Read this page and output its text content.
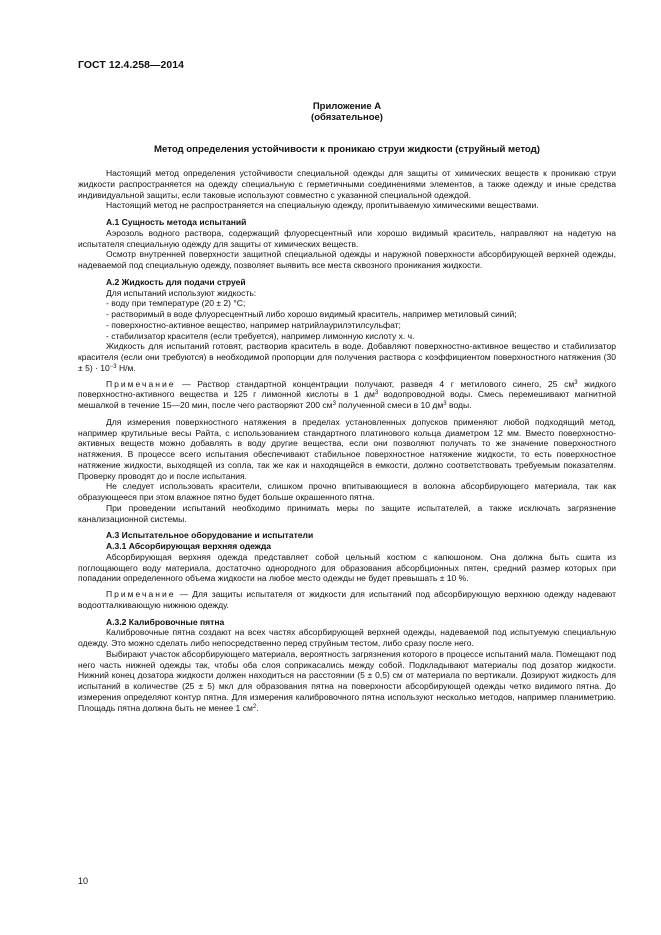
ГОСТ 12.4.258—2014
Приложение А
(обязательное)
Метод определения устойчивости к проникаю струи жидкости (струйный метод)

Настоящий метод определения устойчивости специальной одежды для защиты от химических веществ к проникаю струи жидкости распространяется на одежду специальную с герметичными соединениями элементов, а также одежду и иные средства индивидуальной защиты, если таковые используют совместно с указанной специальной одеждой.

Настоящий метод не распространяется на специальную одежду, пропитываемую химическими веществами.

А.1 Сущность метода испытаний

Аэрозоль водного раствора, содержащий флуоресцентный или хорошо видимый краситель, направляют на надетую на испытателя специальную одежду для защиты от химических веществ.

Осмотр внутренней поверхности защитной специальной одежды и наружной поверхности абсорбирующей верхней одежды, надеваемой под специальную одежду, позволяет выявить все места сквозного проникания жидкости.

А.2 Жидкость для подачи струей

Для испытаний используют жидкость:

- воду при температуре (20 ± 2) °С;

- растворимый в воде флуоресцентный либо хорошо видимый краситель, например метиловый синий;

- поверхностно-активное вещество, например натрийлаурилэтилсульфат;

- стабилизатор красителя (если требуется), например лимонную кислоту х. ч.

Жидкость для испытаний готовят, растворив краситель в воде. Добавляют поверхностно-активное вещество и стабилизатор красителя (если они требуются) в необходимой пропорции для получения раствора с коэффициентом поверхностного натяжения $(30 \pm 5) \cdot 10^{-3}$ Н/м.

Примечание — Раствор стандартной концентрации получают, разведя 4 г метилового синего, 25 $см^3$ жидкого поверхностно-активного вещества и 125 г лимонной кислоты в 1 $дм^3$ водопроводной воды. Смесь перемешивают магнитной мешалкой в течение 15—20 мин, после чего растворяют 200 $см^3$ полученной смеси в 10 $дм^3$ воды.

Для измерения поверхностного натяжения в пределах установленных допусков применяют любой подходящий метод, например крутильные весы Райта, с использованием стандартного платинового кольца диаметром 12 мм. Вместо поверхностно-активных веществ можно добавлять в воду другие вещества, если они позволяют получать то же значение поверхностного натяжения. В процессе всего испытания обеспечивают стабильное поверхностное натяжение жидкости, то есть поверхностное натяжение жидкости, выходящей из сопла, так же как и находящейся в емкости, должно соответствовать требуемым показателям. Проверку проводят до и после испытания.

Не следует использовать красители, слишком прочно впитывающиеся в волокна абсорбирующего материала, так как образующееся при этом влажное пятно будет больше окрашенного пятна.

При проведении испытаний необходимо принимать меры по защите испытателей, а также исключать загрязнение канализационной системы.

А.3 Испытательное оборудование и испытатели

А.3.1 Абсорбирующая верхняя одежда

Абсорбирующая верхняя одежда представляет собой цельный костюм с капюшоном. Она должна быть сшита из поглощающего воду материала, достаточно однородного для образования абсорбционных пятен, средний размер которых при попадании определенного объема жидкости на любое место одежды не будет превышать ± 10 %.

Примечание — Для защиты испытателя от жидкости для испытаний под абсорбирующую верхнюю одежду надевают водоотталкивающую нижнюю одежду.

А.3.2 Калибровочные пятна

Калибровочные пятна создают на всех частях абсорбирующей верхней одежды, надеваемой под испытуемую специальную одежду. Это можно сделать либо непосредственно перед струйным тестом, либо сразу после него.

Выбирают участок абсорбирующего материала, вероятность загрязнения которого в процессе испытаний мала. Помещают под него часть нижней одежды так, чтобы оба слоя соприкасались между собой. Подкладывают материалы под дозатор жидкости. Нижний конец дозатора жидкости должен находиться на расстоянии (5 ± 0,5) см от материала по вертикали. Дозируют жидкость для испытаний в количестве (25 ± 5) мкл для образования пятна на поверхности абсорбирующей одежды четко видимого пятна. До измерения определяют контур пятна. Для измерения калибровочного пятна используют несколько методов, например планиметрию. Площадь пятна должна быть не менее 1 $см^2$.

10
